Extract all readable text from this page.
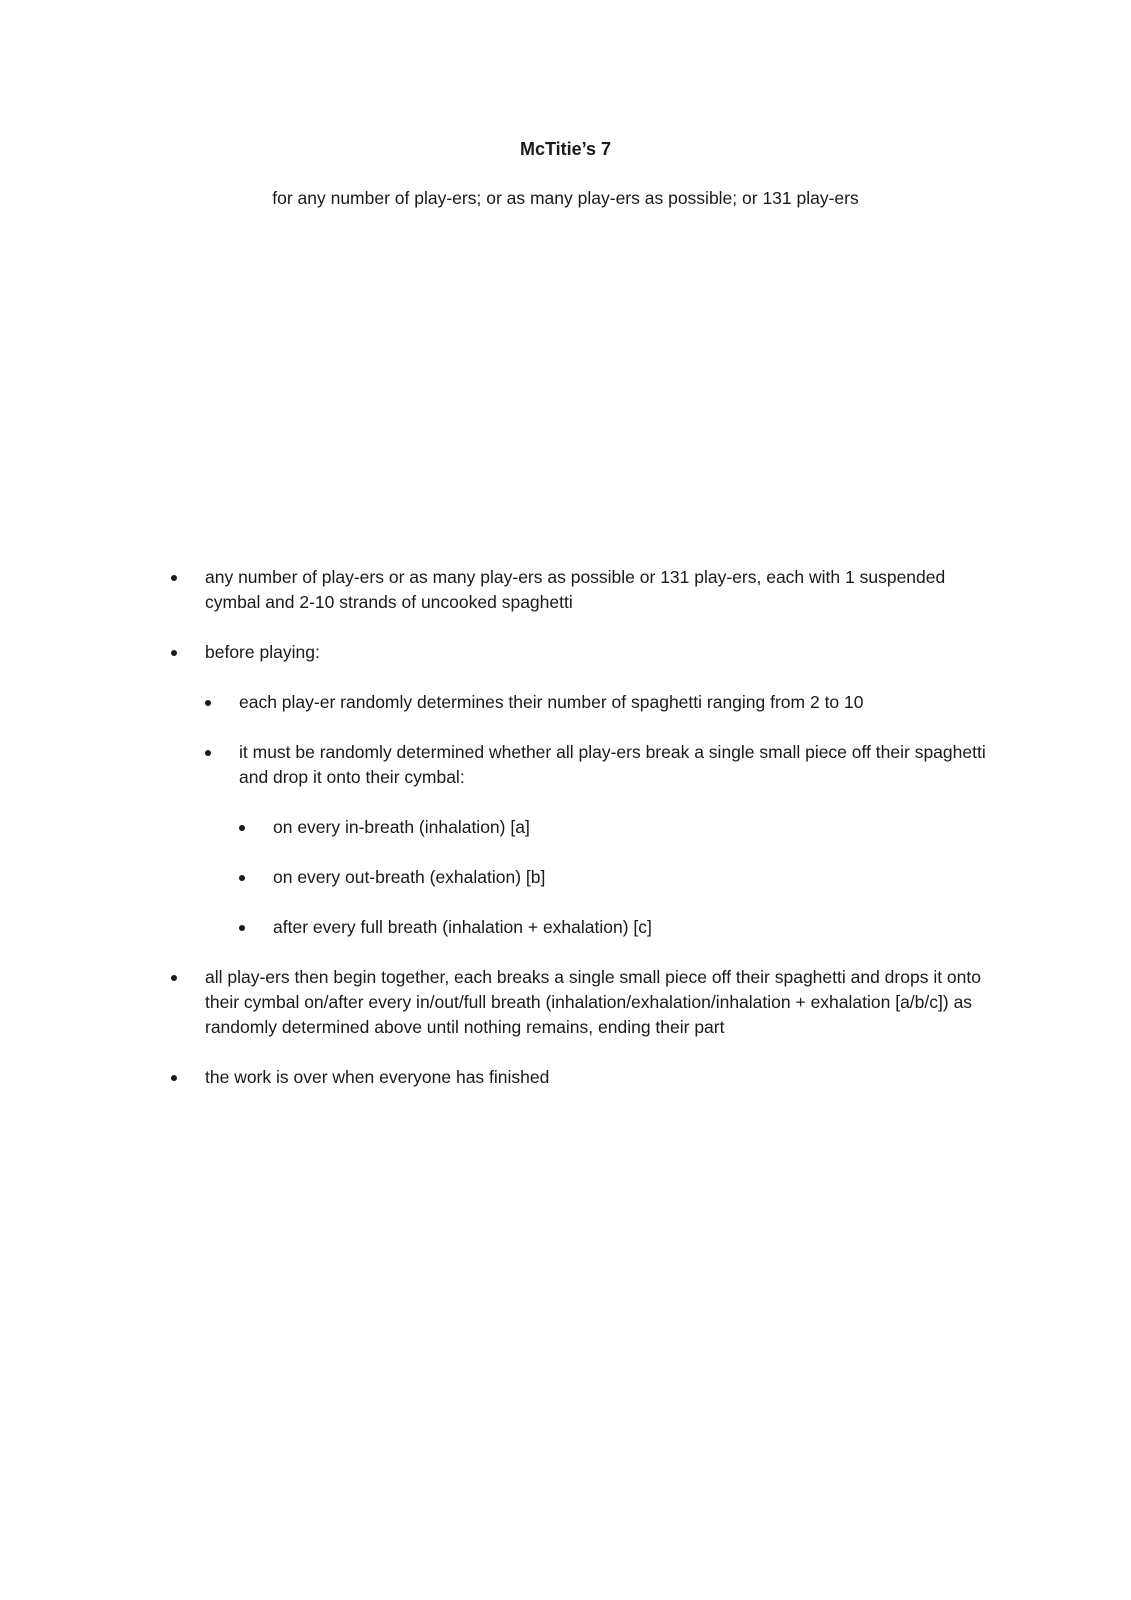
McTitie’s 7

for any number of play-ers; or as many play-ers as possible; or 131 play-ers

any number of play-ers or as many play-ers as possible or 131 play-ers, each with 1 suspended cymbal and 2-10 strands of uncooked spaghetti
before playing:
each play-er randomly determines their number of spaghetti ranging from 2 to 10
it must be randomly determined whether all play-ers break a single small piece off their spaghetti and drop it onto their cymbal:
on every in-breath (inhalation) [a]
on every out-breath (exhalation) [b]
after every full breath (inhalation + exhalation) [c]
all play-ers then begin together, each breaks a single small piece off their spaghetti and drops it onto their cymbal on/after every in/out/full breath (inhalation/exhalation/inhalation + exhalation [a/b/c]) as randomly determined above until nothing remains, ending their part
the work is over when everyone has finished
